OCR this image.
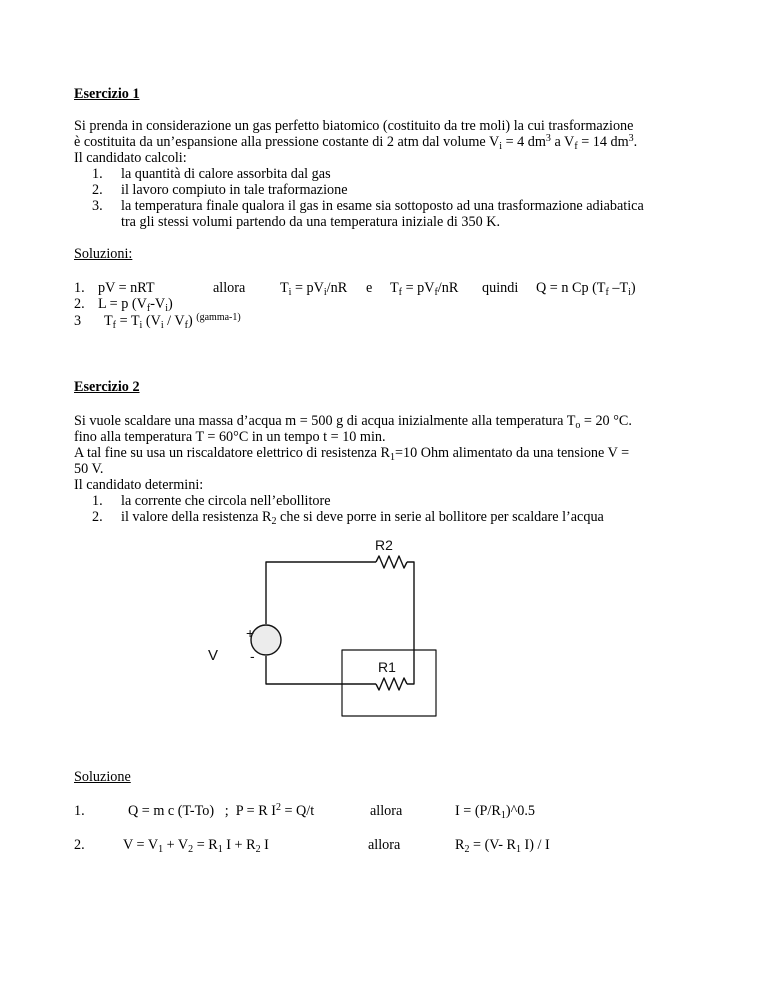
Esercizio 1
Si prenda in considerazione un gas perfetto biatomico (costituito da tre moli) la cui trasformazione
è costituita da un’espansione alla pressione costante di 2 atm dal volume $V_i = 4$ $dm^3$ a $V_f = 14$ $dm^3$.
Il candidato calcoli:
1. la quantità di calore assorbita dal gas
2. il lavoro compiuto in tale traformazione
3. la temperatura finale qualora il gas in esame sia sottoposto ad una trasformazione adiabatica
tra gli stessi volumi partendo da una temperatura iniziale di 350 K.
Soluzioni:
1. pV = nRT	allora $T_i = pV_i/nR$ e $T_f = pV_f/nR$ quindi Q = n Cp ($T_f$ $-T_i$)
2. L = p $(V_f-V_i)$
3 $T_f = T_i$ $(V_i / V_f)$ $^{(gamma-1)}$
Esercizio 2
Si vuole scaldare una massa d’acqua m = 500 g di acqua inizialmente alla temperatura $T_o = 20$ °C.
fino alla temperatura T = 60°C in un tempo t = 10 min.
A tal fine su usa un riscaldatore elettrico di resistenza $R_1=10$ Ohm alimentato da una tensione V =
50 V.
Il candidato determini:
1. la corrente che circola nell’ebollitore
2. il valore della resistenza $R_2$ che si deve porre in serie al bollitore per scaldare l’acqua
R2
R1
V
+
-
Soluzione
1.	Q = m c (T-To)   ;  P = R $I^2 = Q/t$	allora	$I = (P/R_1)\^{}0.5$
2.	$V = V_1 + V_2 = R_1$ $I + R_2$ I	allora	$R_2 = (V-$ $R_1$ I) / I
